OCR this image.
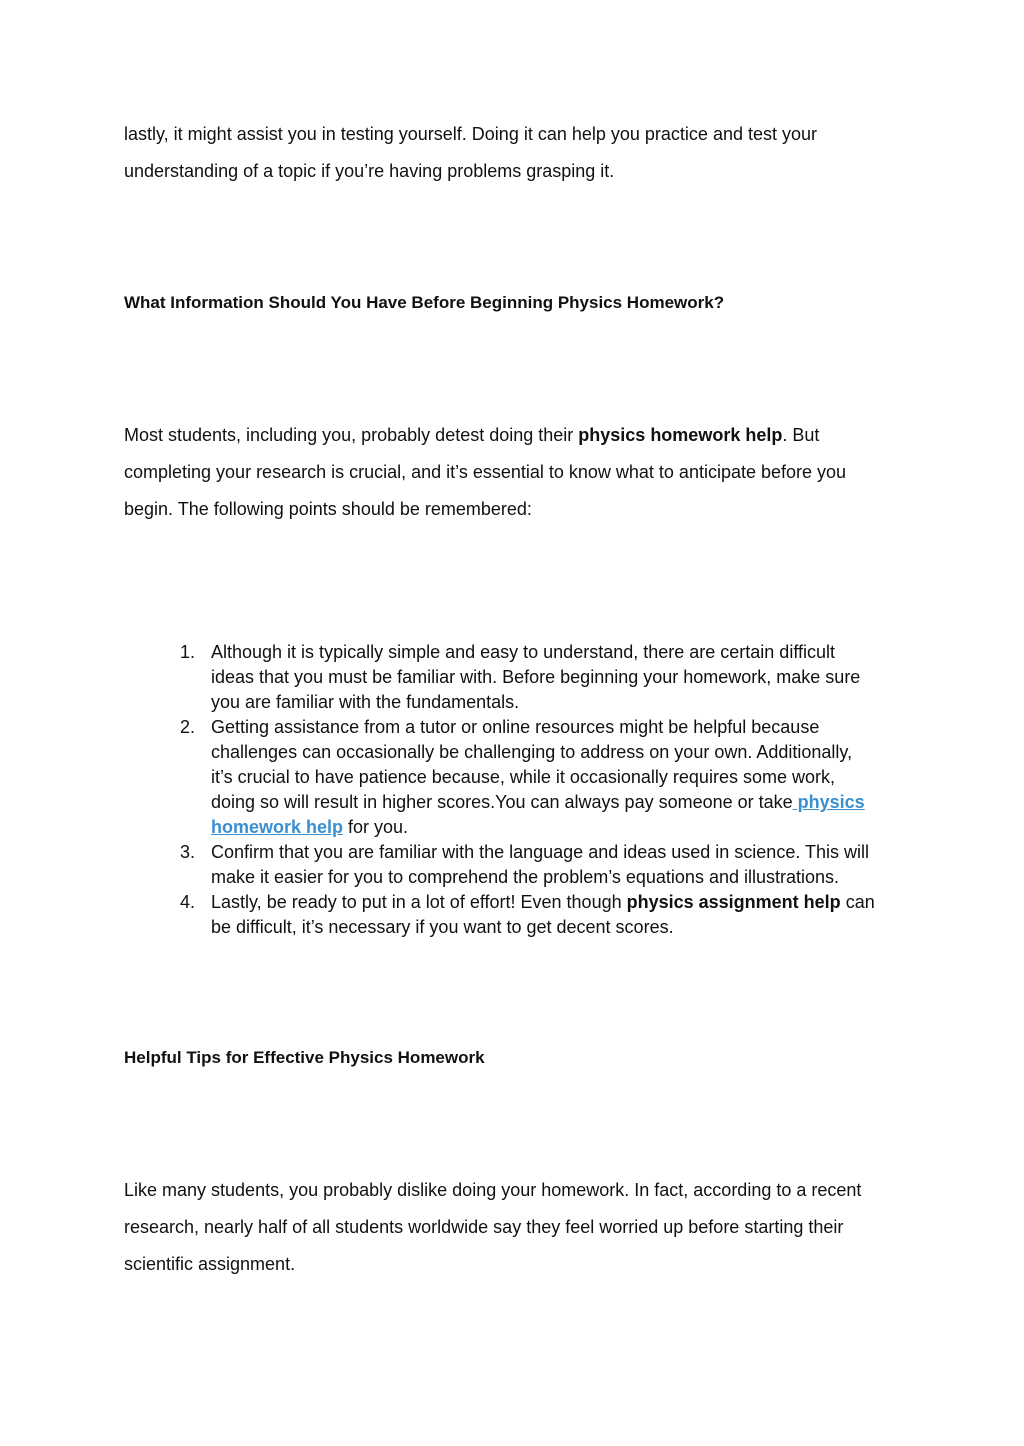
lastly, it might assist you in testing yourself. Doing it can help you practice and test your
understanding of a topic if you’re having problems grasping it.

What Information Should You Have Before Beginning Physics Homework?

Most students, including you, probably detest doing their physics homework help. But completing your research is crucial, and it’s essential to know what to anticipate before you begin. The following points should be remembered:

1. Although it is typically simple and easy to understand, there are certain difficult ideas that you must be familiar with. Before beginning your homework, make sure you are familiar with the fundamentals.
2. Getting assistance from a tutor or online resources might be helpful because challenges can occasionally be challenging to address on your own. Additionally, it’s crucial to have patience because, while it occasionally requires some work, doing so will result in higher scores.You can always pay someone or take physics homework help for you.
3. Confirm that you are familiar with the language and ideas used in science. This will make it easier for you to comprehend the problem’s equations and illustrations.
4. Lastly, be ready to put in a lot of effort! Even though physics assignment help can be difficult, it’s necessary if you want to get decent scores.

Helpful Tips for Effective Physics Homework

Like many students, you probably dislike doing your homework. In fact, according to a recent research, nearly half of all students worldwide say they feel worried up before starting their scientific assignment.
